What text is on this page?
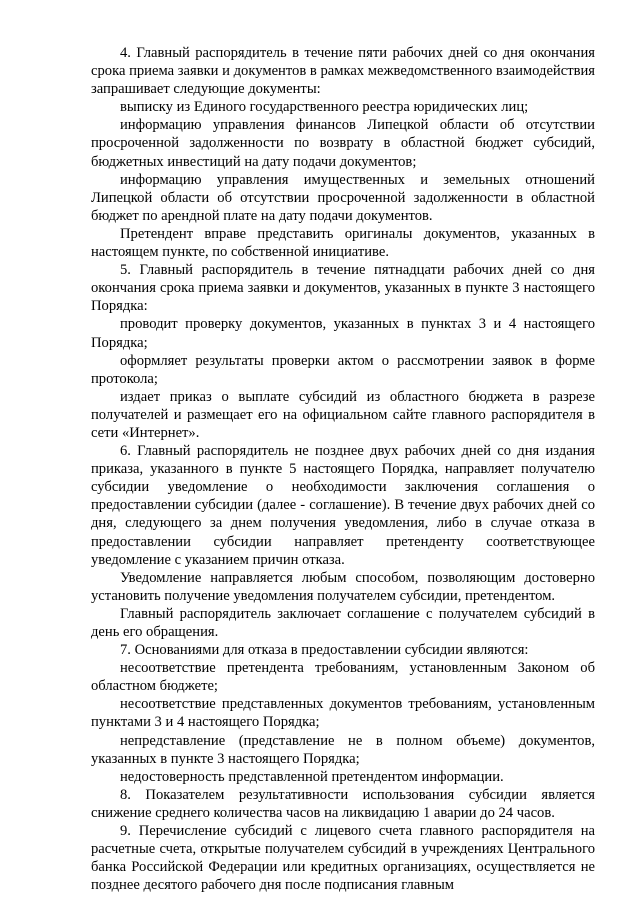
4. Главный распорядитель в течение пяти рабочих дней со дня окончания срока приема заявки и документов в рамках межведомственного взаимодействия запрашивает следующие документы:

выписку из Единого государственного реестра юридических лиц;

информацию управления финансов Липецкой области об отсутствии просроченной задолженности по возврату в областной бюджет субсидий, бюджетных инвестиций на дату подачи документов;

информацию управления имущественных и земельных отношений Липецкой области об отсутствии просроченной задолженности в областной бюджет по арендной плате на дату подачи документов.

Претендент вправе представить оригиналы документов, указанных в настоящем пункте, по собственной инициативе.

5. Главный распорядитель в течение пятнадцати рабочих дней со дня окончания срока приема заявки и документов, указанных в пункте 3 настоящего Порядка:

проводит проверку документов, указанных в пунктах 3 и 4 настоящего Порядка;

оформляет результаты проверки актом о рассмотрении заявок в форме протокола;

издает приказ о выплате субсидий из областного бюджета в разрезе получателей и размещает его на официальном сайте главного распорядителя в сети «Интернет».

6. Главный распорядитель не позднее двух рабочих дней со дня издания приказа, указанного в пункте 5 настоящего Порядка, направляет получателю субсидии уведомление о необходимости заключения соглашения о предоставлении субсидии (далее - соглашение). В течение двух рабочих дней со дня, следующего за днем получения уведомления, либо в случае отказа в предоставлении субсидии направляет претенденту соответствующее уведомление с указанием причин отказа.

Уведомление направляется любым способом, позволяющим достоверно установить получение уведомления получателем субсидии, претендентом.

Главный распорядитель заключает соглашение с получателем субсидий в день его обращения.

7. Основаниями для отказа в предоставлении субсидии являются:

несоответствие претендента требованиям, установленным Законом об областном бюджете;

несоответствие представленных документов требованиям, установленным пунктами 3 и 4 настоящего Порядка;

непредставление (представление не в полном объеме) документов, указанных в пункте 3 настоящего Порядка;

недостоверность представленной претендентом информации.

8. Показателем результативности использования субсидии является снижение среднего количества часов на ликвидацию 1 аварии до 24 часов.

9. Перечисление субсидий с лицевого счета главного распорядителя на расчетные счета, открытые получателем субсидий в учреждениях Центрального банка Российской Федерации или кредитных организациях, осуществляется не позднее десятого рабочего дня после подписания главным
